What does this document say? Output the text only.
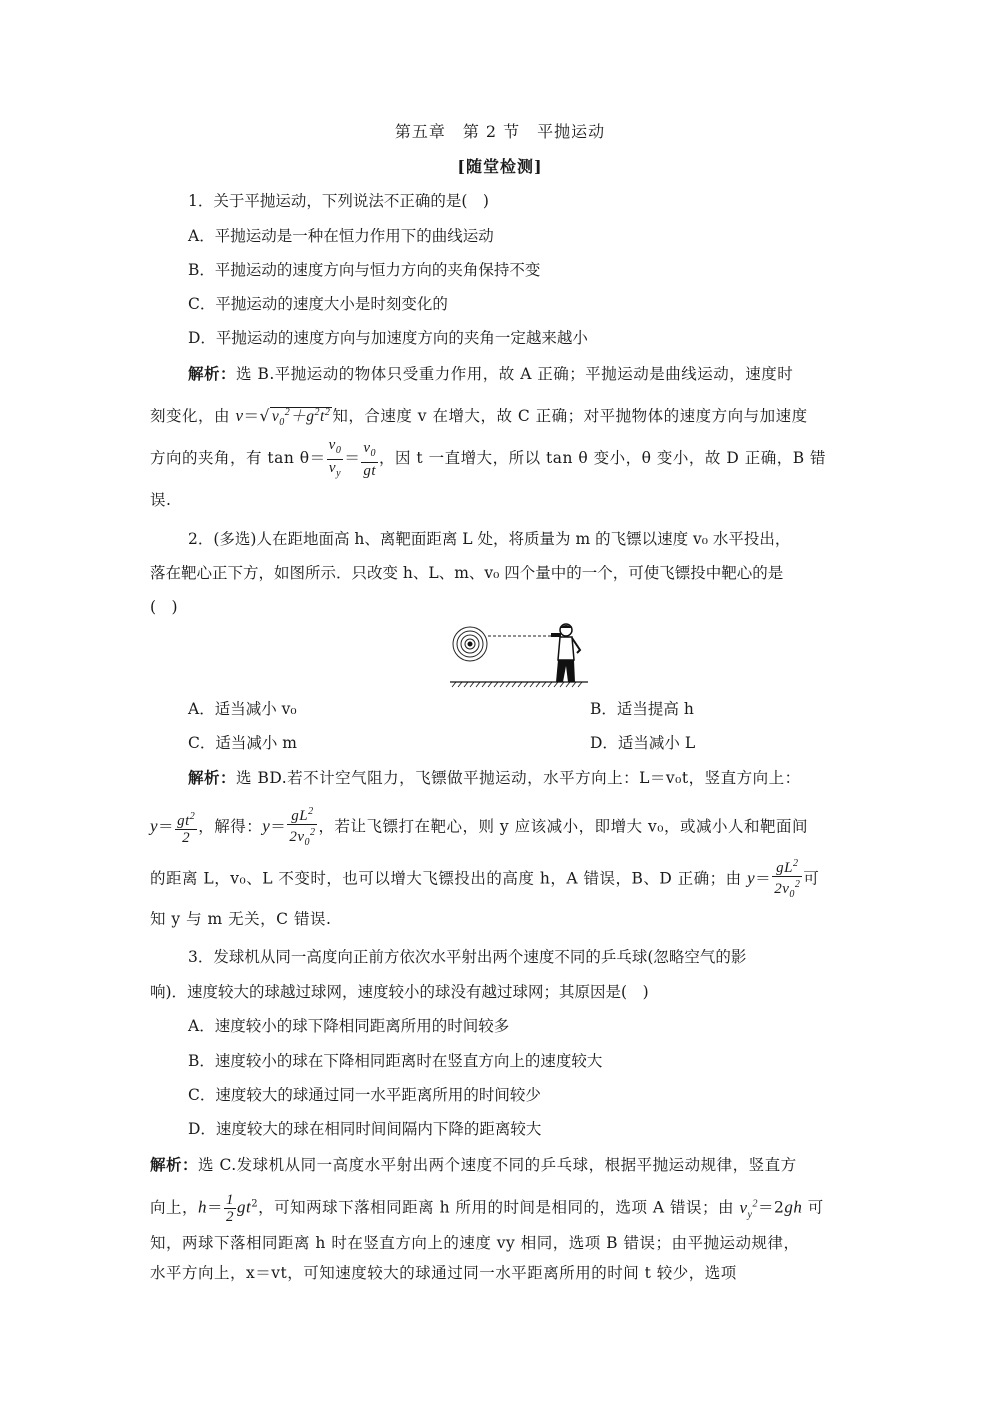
第五章　第 2 节　平抛运动
[随堂检测]
1．关于平抛运动，下列说法不正确的是(　)
A．平抛运动是一种在恒力作用下的曲线运动
B．平抛运动的速度方向与恒力方向的夹角保持不变
C．平抛运动的速度大小是时刻变化的
D．平抛运动的速度方向与加速度方向的夹角一定越来越小
解析：选 B.平抛运动的物体只受重力作用，故 A 正确；平抛运动是曲线运动，速度时
刻变化，由 v＝√ $v_0^2+g^2t^2$ 知，合速度 v 在增大，故 C 正确；对平抛物体的速度方向与加速度
方向的夹角，有 $\tan \theta= \frac{v_0}{v_y} = \frac{v_0}{gt}$ ，因 t 一直增大，所以 tan θ 变小，θ 变小，故 D 正确，B 错
误.
2．(多选)人在距地面高 h、离靶面距离 L 处，将质量为 m 的飞镖以速度 v₀ 水平投出，
落在靶心正下方，如图所示．只改变 h、L、m、v₀ 四个量中的一个，可使飞镖投中靶心的是
(　)
A．适当减小 v₀	B．适当提高 h
C．适当减小 m	D．适当减小 L
解析：选 BD.若不计空气阻力，飞镖做平抛运动，水平方向上：L＝v₀t，竖直方向上：
$y= \frac{gt^2}{2}$ ，解得：$y= \frac{gL^2}{2v_0^2}$ ，若让飞镖打在靶心，则 y 应该减小，即增大 v₀，或减小人和靶面间
的距离 L，v₀、L 不变时，也可以增大飞镖投出的高度 h，A 错误，B、D 正确；由 $y= \frac{gL^2}{2v_0^2}$ 可
知 y 与 m 无关，C 错误.
3．发球机从同一高度向正前方依次水平射出两个速度不同的乒乓球(忽略空气的影
响)．速度较大的球越过球网，速度较小的球没有越过球网；其原因是(　)
A．速度较小的球下降相同距离所用的时间较多
B．速度较小的球在下降相同距离时在竖直方向上的速度较大
C．速度较大的球通过同一水平距离所用的时间较少
D．速度较大的球在相同时间间隔内下降的距离较大
解析：选 C.发球机从同一高度水平射出两个速度不同的乒乓球，根据平抛运动规律，竖直方
向上，$h= \frac{1}{2} gt^2$，可知两球下落相同距离 h 所用的时间是相同的，选项 A 错误；由 $v_y^2=2gh$ 可
知，两球下落相同距离 h 时在竖直方向上的速度 vy 相同，选项 B 错误；由平抛运动规律，
水平方向上，x＝vt，可知速度较大的球通过同一水平距离所用的时间 t 较少，选项
